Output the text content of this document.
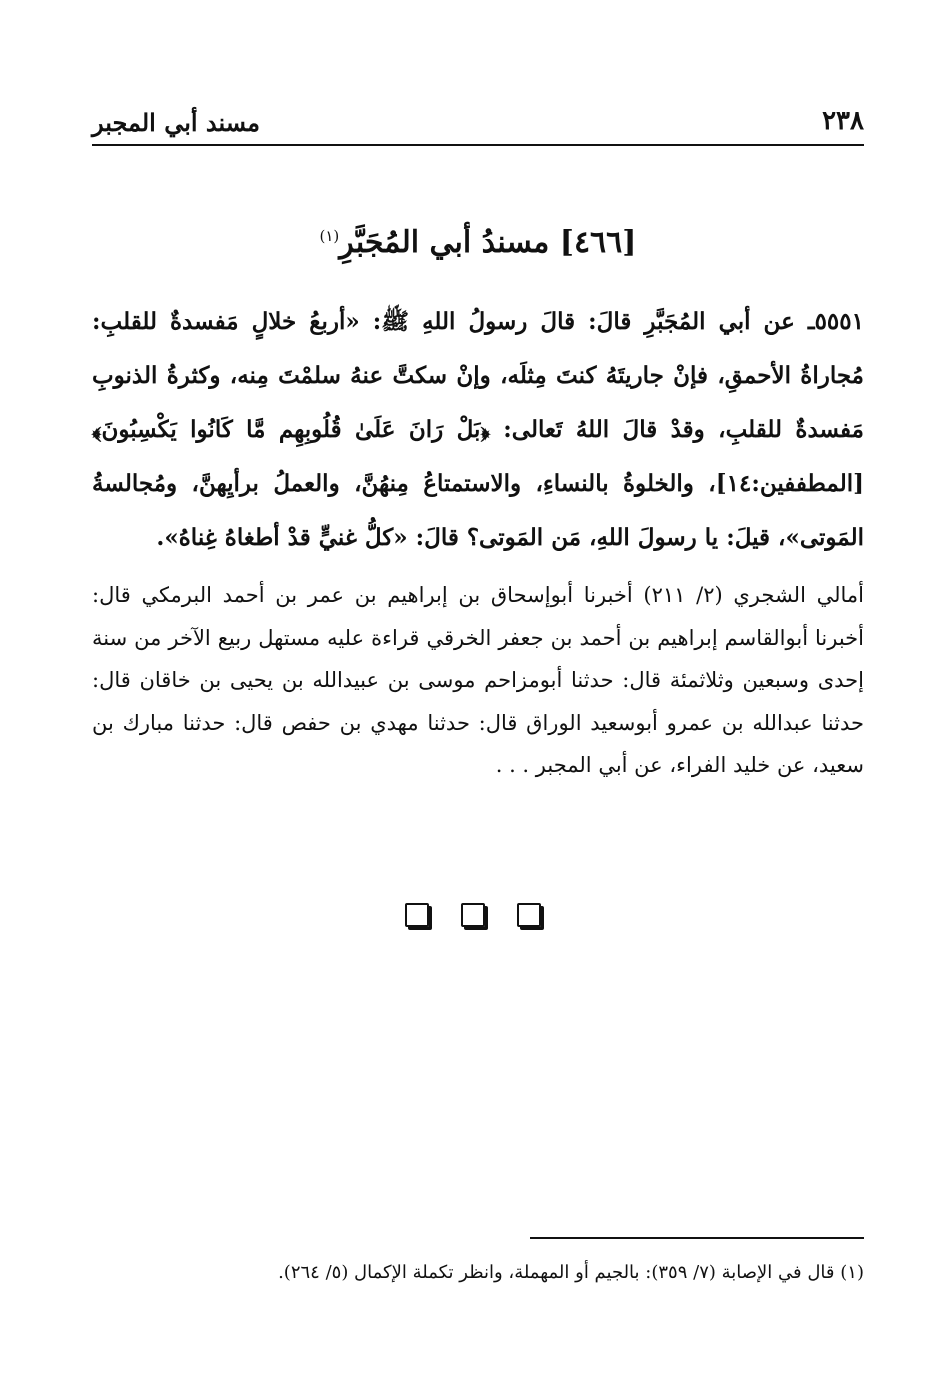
مسند أبي المجبر	٢٣٨
[٤٦٦] مسندُ أبي المُجَبَّرِ$^{(١)}$
٥٥٥١ـ عن أبي المُجَبَّرِ قالَ: قالَ رسولُ اللهِ ﷺ: «أربعُ خلالٍ مَفسدةٌ للقلبِ: مُجاراةُ الأحمقِ، فإنْ جاريتَهُ كنتَ مِثلَه، وإنْ سكتَّ عنهُ سلمْتَ مِنه، وكثرةُ الذنوبِ مَفسدةٌ للقلبِ، وقدْ قالَ اللهُ تَعالى: ﴿بَلْ رَانَ عَلَىٰ قُلُوبِهِم مَّا كَانُوا يَكْسِبُونَ﴾ [المطففين:١٤]، والخلوةُ بالنساءِ، والاستمتاعُ مِنهُنَّ، والعملُ برأيِهنَّ، ومُجالسةُ المَوتى»، قيلَ: يا رسولَ اللهِ، مَن المَوتى؟ قالَ: «كلُّ غنيٍّ قدْ أطغاهُ غِناهُ».
أمالي الشجري (٢/ ٢١١) أخبرنا أبوإسحاق بن إبراهيم بن عمر بن أحمد البرمكي قال: أخبرنا أبوالقاسم إبراهيم بن أحمد بن جعفر الخرقي قراءة عليه مستهل ربيع الآخر من سنة إحدى وسبعين وثلاثمئة قال: حدثنا أبومزاحم موسى بن عبيدالله بن يحيى بن خاقان قال: حدثنا عبدالله بن عمرو أبوسعيد الوراق قال: حدثنا مهدي بن حفص قال: حدثنا مبارك بن سعيد، عن خليد الفراء، عن أبي المجبر . . .

(١) قال في الإصابة (٧/ ٣٥٩): بالجيم أو المهملة، وانظر تكملة الإكمال (٥/ ٢٦٤).
